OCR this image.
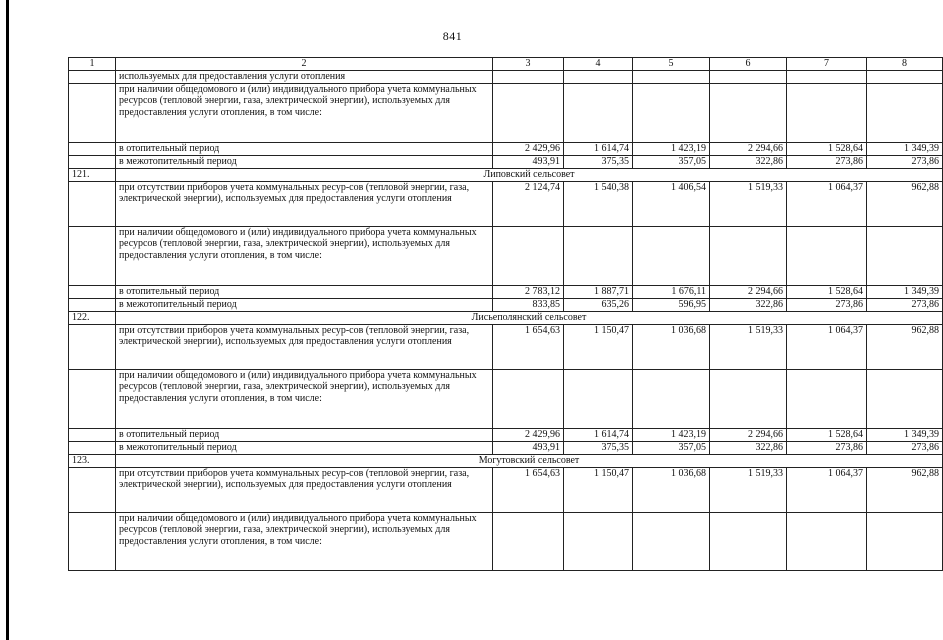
841
1	2	3	4	5	6	7	8
	используемых для предоставления услуги отопления						
	при наличии общедомового и (или) индивидуального прибора учета коммунальных ресурсов (тепловой энергии, газа, электрической энергии), используемых для предоставления услуги отопления, в том числе:						
	в отопительный период	2 429,96	1 614,74	1 423,19	2 294,66	1 528,64	1 349,39
	в межотопительный период	493,91	375,35	357,05	322,86	273,86	273,86
121.	Липовский сельсовет						
	при отсутствии приборов учета коммунальных ресур-сов (тепловой энергии, газа, электрической энергии), используемых для предоставления услуги отопления	2 124,74	1 540,38	1 406,54	1 519,33	1 064,37	962,88
	при наличии общедомового и (или) индивидуального прибора учета коммунальных ресурсов (тепловой энергии, газа, электрической энергии), используемых для предоставления услуги отопления, в том числе:						
	в отопительный период	2 783,12	1 887,71	1 676,11	2 294,66	1 528,64	1 349,39
	в межотопительный период	833,85	635,26	596,95	322,86	273,86	273,86
122.	Лисьеполянский сельсовет						
	при отсутствии приборов учета коммунальных ресур-сов (тепловой энергии, газа, электрической энергии), используемых для предоставления услуги отопления	1 654,63	1 150,47	1 036,68	1 519,33	1 064,37	962,88
	при наличии общедомового и (или) индивидуального прибора учета коммунальных ресурсов (тепловой энергии, газа, электрической энергии), используемых для предоставления услуги отопления, в том числе:						
	в отопительный период	2 429,96	1 614,74	1 423,19	2 294,66	1 528,64	1 349,39
	в межотопительный период	493,91	375,35	357,05	322,86	273,86	273,86
123.	Могутовский сельсовет						
	при отсутствии приборов учета коммунальных ресур-сов (тепловой энергии, газа, электрической энергии), используемых для предоставления услуги отопления	1 654,63	1 150,47	1 036,68	1 519,33	1 064,37	962,88
	при наличии общедомового и (или) индивидуального прибора учета коммунальных ресурсов (тепловой энергии, газа, электрической энергии), используемых для предоставления услуги отопления, в том числе:						
